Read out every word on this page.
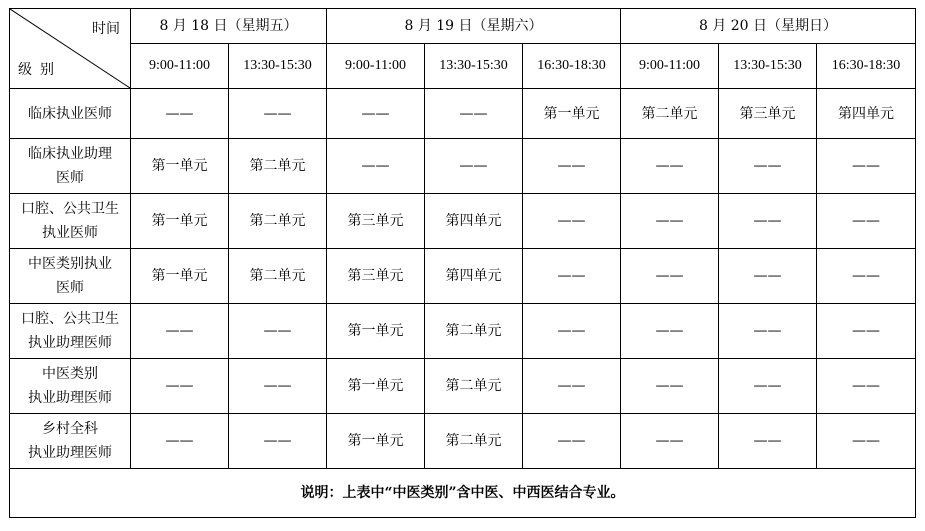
时间
级别	8 月 18 日（星期五）		8 月 19 日（星期六）			8 月 20 日（星期日）		
	9:00-11:00	13:30-15:30	9:00-11:00	13:30-15:30	16:30-18:30	9:00-11:00	13:30-15:30	16:30-18:30

临床执业医师	——	——	——	——	第一单元	第二单元	第三单元	第四单元

临床执业助理
医师	第一单元	第二单元	——	——	——	——	——	——

口腔、公共卫生
执业医师	第一单元	第二单元	第三单元	第四单元	——	——	——	——

中医类别执业
医师	第一单元	第二单元	第三单元	第四单元	——	——	——	——

口腔、公共卫生
执业助理医师	——	——	第一单元	第二单元	——	——	——	——

中医类别
执业助理医师	——	——	第一单元	第二单元	——	——	——	——

乡村全科
执业助理医师	——	——	第一单元	第二单元	——	——	——	——
说明：上表中“中医类别”含中医、中西医结合专业。								
